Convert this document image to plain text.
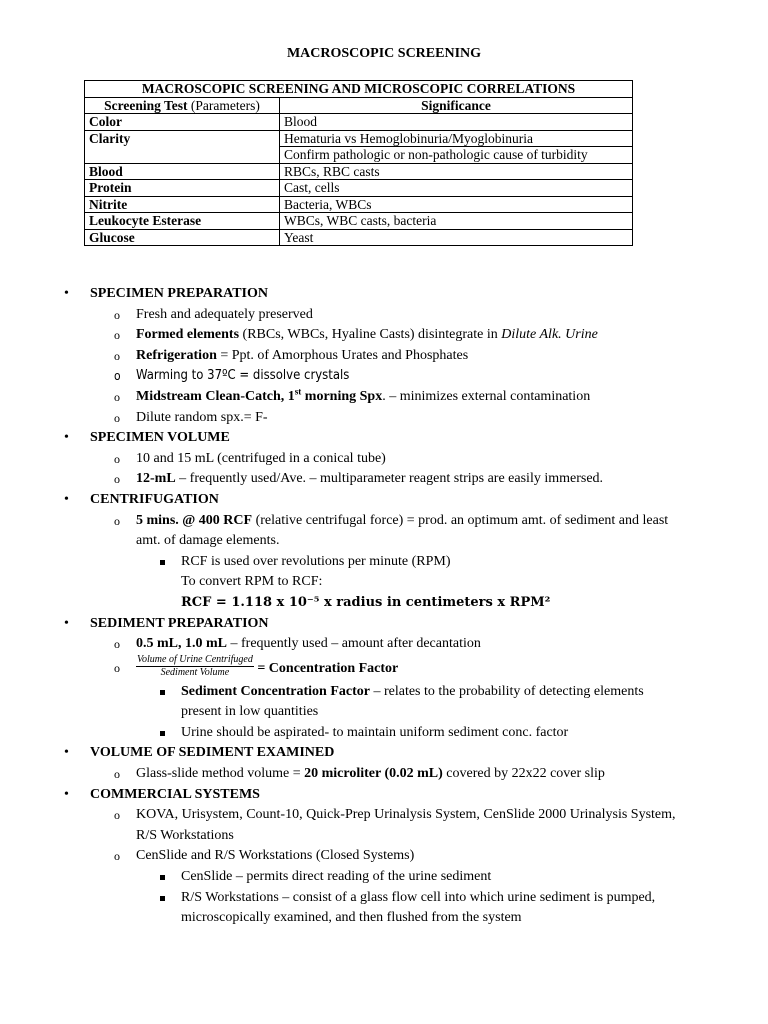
MACROSCOPIC SCREENING
MACROSCOPIC SCREENING AND MICROSCOPIC CORRELATIONS	
Screening Test (Parameters)	Significance
Color	Blood
Clarity	Hematuria vs Hemoglobinuria/Myoglobinuria
	Confirm pathologic or non-pathologic cause of turbidity
Blood	RBCs, RBC casts
Protein	Cast, cells
Nitrite	Bacteria, WBCs
Leukocyte Esterase	WBCs, WBC casts, bacteria
Glucose	Yeast
• SPECIMEN PREPARATION
o Fresh and adequately preserved
o Formed elements (RBCs, WBCs, Hyaline Casts) disintegrate in Dilute Alk. Urine
o Refrigeration = Ppt. of Amorphous Urates and Phosphates
o Warming to 37ºC = dissolve crystals
o Midstream Clean-Catch, 1st morning Spx. – minimizes external contamination
o Dilute random spx.= F-
• SPECIMEN VOLUME
o 10 and 15 mL (centrifuged in a conical tube)
o 12-mL – frequently used/Ave. – multiparameter reagent strips are easily immersed.
• CENTRIFUGATION
o 5 mins. @ 400 RCF (relative centrifugal force) = prod. an optimum amt. of sediment and least
amt. of damage elements.
RCF is used over revolutions per minute (RPM)
To convert RPM to RCF:
RCF = 1.118 x 10⁻⁵ x radius in centimeters x RPM²
• SEDIMENT PREPARATION
o 0.5 mL, 1.0 mL – frequently used – amount after decantation
o $\frac{\text{Volume of Urine Centrifuged}}{\text{Sediment Volume}}$ = Concentration Factor
Sediment Concentration Factor – relates to the probability of detecting elements
present in low quantities
Urine should be aspirated- to maintain uniform sediment conc. factor
• VOLUME OF SEDIMENT EXAMINED
o Glass-slide method volume = 20 microliter (0.02 mL) covered by 22x22 cover slip
• COMMERCIAL SYSTEMS
o KOVA, Urisystem, Count-10, Quick-Prep Urinalysis System, CenSlide 2000 Urinalysis System,
R/S Workstations
o CenSlide and R/S Workstations (Closed Systems)
CenSlide – permits direct reading of the urine sediment
R/S Workstations – consist of a glass flow cell into which urine sediment is pumped,
microscopically examined, and then flushed from the system
